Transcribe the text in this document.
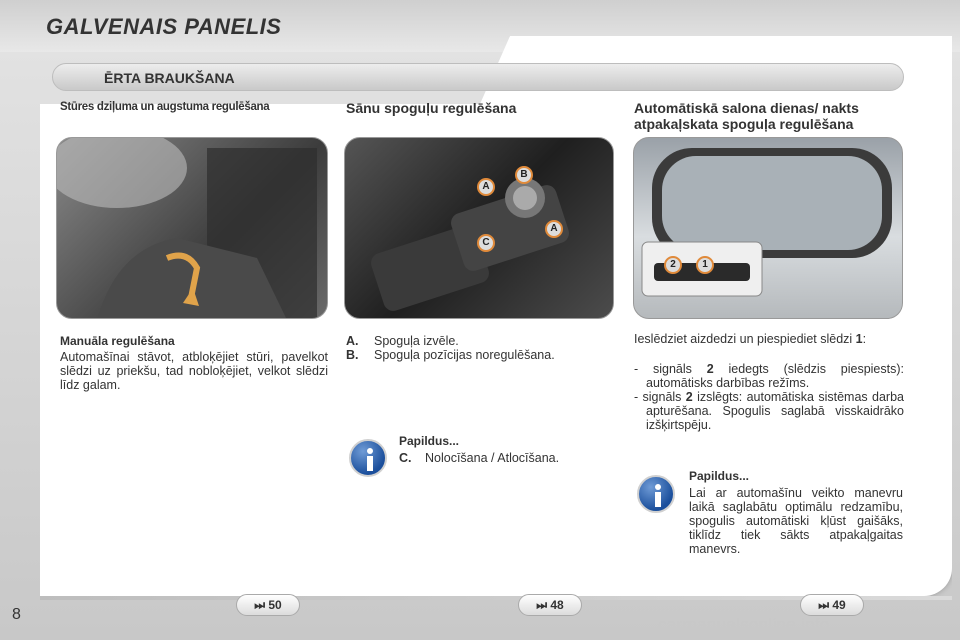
GALVENAIS PANELIS
ĒRTA BRAUKŠANA
Stūres dziļuma un augstuma regulēšana
Manuāla regulēšana
Automašīnai stāvot, atbloķējiet stūri, pavelkot slēdzi uz priekšu, tad nobloķējiet, velkot slēdzi līdz galam.
Sānu spoguļu regulēšana
A
B
C
A
A. Spoguļa izvēle.
B. Spoguļa pozīcijas noregulēšana.
Papildus...
C. Nolocīšana / Atlocīšana.
Automātiskā salona dienas/ nakts atpakaļskata spoguļa regulēšana
2	1
Ieslēdziet aizdedzi un piespiediet slēdzi 1:
- signāls 2 iedegts (slēdzis piespiests): automātisks darbības režīms.
- signāls 2 izslēgts: automātiska sistēmas darba apturēšana. Spogulis saglabā visskaidrāko izšķirtspēju.
Papildus...
Lai ar automašīnu veikto manevru laikā saglabātu optimālu redzamību, spogulis automātiski kļūst gaišāks, tiklīdz tiek sākts atpakaļgaitas manevrs.
⏭ 50	⏭ 48	⏭ 49
8
carmanualsonline.info
